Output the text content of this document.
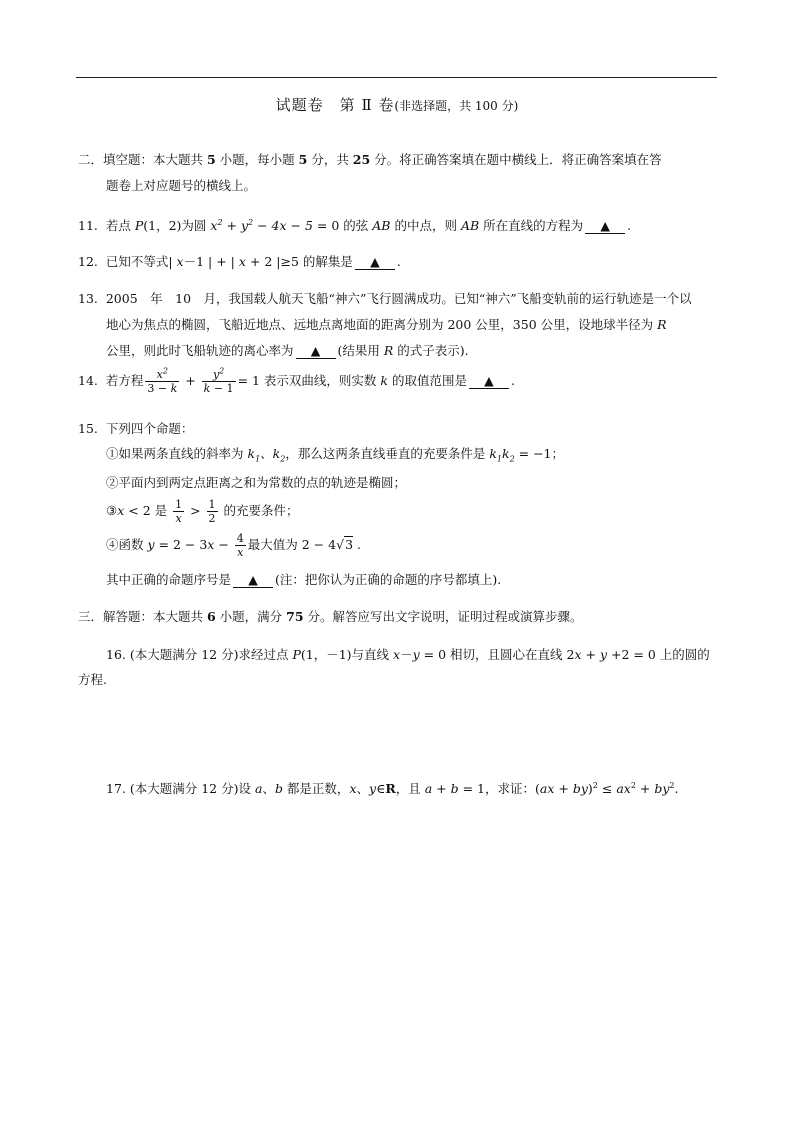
试题卷　第 Ⅱ 卷(非选择题，共 100 分)
二．填空题：本大题共 5 小题，每小题 5 分，共 25 分。将正确答案填在题中横线上．将正确答案填在答
题卷上对应题号的横线上。
11. 若点 P(1，2)为圆 $x^2 + y^2 - 4x - 5 = 0$ 的弦 AB 的中点，则 AB 所在直线的方程为 ▲ .
12. 已知不等式| x－1 | + | x + 2 |≥5 的解集是 ▲ .
13. 2005　年　10　月，我国载人航天飞船“神六”飞行圆满成功。已知“神六”飞船变轨前的运行轨迹是一个以
地心为焦点的椭圆，飞船近地点、远地点离地面的距离分别为 200 公里，350 公里，设地球半径为 R
公里，则此时飞船轨迹的离心率为 ▲ (结果用 R 的式子表示).
14. 若方程 $\frac{x^2}{3 - k} + \frac{y^2}{k - 1} = 1$ 表示双曲线，则实数 k 的取值范围是 ▲ .
15. 下列四个命题：
①如果两条直线的斜率为 $k_1$、$k_2$，那么这两条直线垂直的充要条件是 $k_1k_2 = -1$；
②平面内到两定点距离之和为常数的点的轨迹是椭圆；
③x < 2 是 $\frac{1}{x} > \frac{1}{2}$ 的充要条件；
④函数 $y = 2 - 3x - \frac{4}{x}$ 最大值为 2 − 4√3 .
其中正确的命题序号是 ▲ (注：把你认为正确的命题的序号都填上).
三．解答题：本大题共 6 小题，满分 75 分。解答应写出文字说明，证明过程或演算步骤。
16. (本大题满分 12 分)求经过点 P(1，－1)与直线 x－y = 0 相切，且圆心在直线 2x + y +2 = 0 上的圆的
方程.
17. (本大题满分 12 分)设 a、b 都是正数，x、y∈R，且 a + b = 1，求证：$(ax + by)^2 \le ax^2 + by^2$.
